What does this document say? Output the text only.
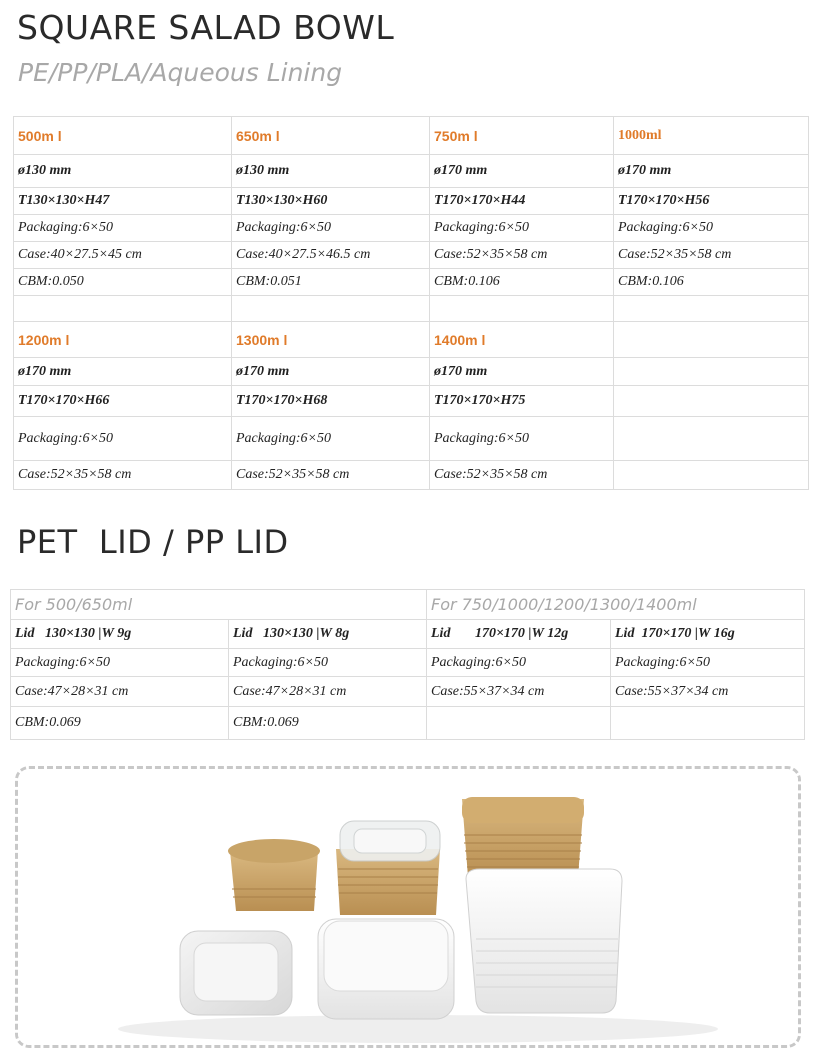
SQUARE SALAD BOWL
PE/PP/PLA/Aqueous Lining
500m l	650m l	750m l	1000ml
ø130 mm	ø130 mm	ø170 mm	ø170 mm
T130×130×H47	T130×130×H60	T170×170×H44	T170×170×H56
Packaging:6×50	Packaging:6×50	Packaging:6×50	Packaging:6×50
Case:40×27.5×45 cm	Case:40×27.5×46.5 cm	Case:52×35×58 cm	Case:52×35×58 cm
CBM:0.050	CBM:0.051	CBM:0.106	CBM:0.106

1200m l	1300m l	1400m l	
ø170 mm	ø170 mm	ø170 mm	
T170×170×H66	T170×170×H68	T170×170×H75	
Packaging:6×50	Packaging:6×50	Packaging:6×50	
Case:52×35×58 cm	Case:52×35×58 cm	Case:52×35×58 cm	
PET  LID / PP LID
For 500/650ml		For 750/1000/1200/1300/1400ml	
Lid   130×130 |W 9g	Lid   130×130 |W 8g	Lid       170×170 |W 12g	Lid  170×170 |W 16g
Packaging:6×50	Packaging:6×50	Packaging:6×50	Packaging:6×50
Case:47×28×31 cm	Case:47×28×31 cm	Case:55×37×34 cm	Case:55×37×34 cm
CBM:0.069	CBM:0.069		
